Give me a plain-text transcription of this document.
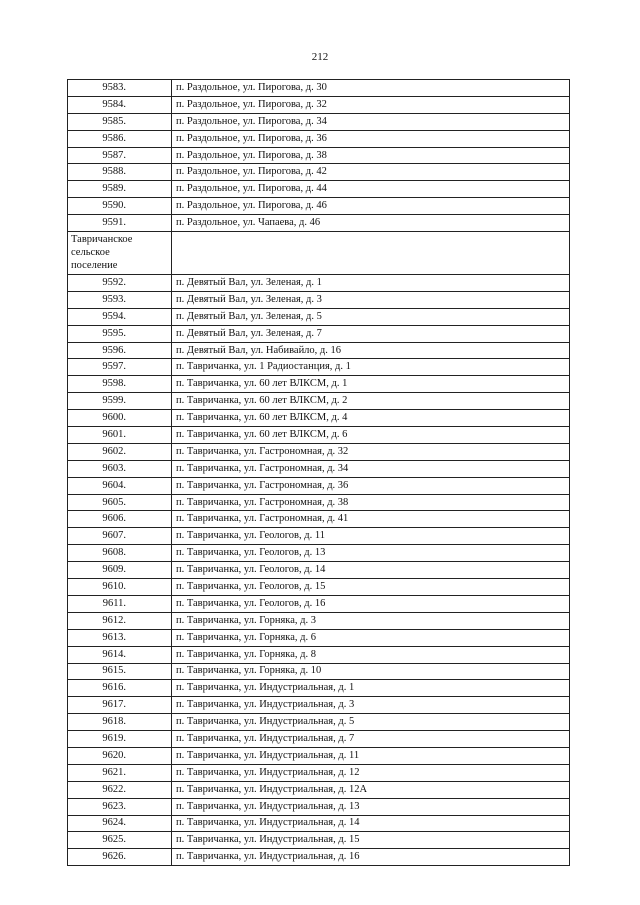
212
9583.	п. Раздольное, ул. Пирогова, д. 30
9584.	п. Раздольное, ул. Пирогова, д. 32
9585.	п. Раздольное, ул. Пирогова, д. 34
9586.	п. Раздольное, ул. Пирогова, д. 36
9587.	п. Раздольное, ул. Пирогова, д. 38
9588.	п. Раздольное, ул. Пирогова, д. 42
9589.	п. Раздольное, ул. Пирогова, д. 44
9590.	п. Раздольное, ул. Пирогова, д. 46
9591.	п. Раздольное, ул. Чапаева, д. 46

Тавричанское
сельское
поселение	

9592.	п. Девятый Вал, ул. Зеленая, д. 1
9593.	п. Девятый Вал, ул. Зеленая, д. 3
9594.	п. Девятый Вал, ул. Зеленая, д. 5
9595.	п. Девятый Вал, ул. Зеленая, д. 7
9596.	п. Девятый Вал, ул. Набивайло, д. 16
9597.	п. Тавричанка, ул. 1 Радиостанция, д. 1
9598.	п. Тавричанка, ул. 60 лет ВЛКСМ, д. 1
9599.	п. Тавричанка, ул. 60 лет ВЛКСМ, д. 2
9600.	п. Тавричанка, ул. 60 лет ВЛКСМ, д. 4
9601.	п. Тавричанка, ул. 60 лет ВЛКСМ, д. 6
9602.	п. Тавричанка, ул. Гастрономная, д. 32
9603.	п. Тавричанка, ул. Гастрономная, д. 34
9604.	п. Тавричанка, ул. Гастрономная, д. 36
9605.	п. Тавричанка, ул. Гастрономная, д. 38
9606.	п. Тавричанка, ул. Гастрономная, д. 41
9607.	п. Тавричанка, ул. Геологов, д. 11
9608.	п. Тавричанка, ул. Геологов, д. 13
9609.	п. Тавричанка, ул. Геологов, д. 14
9610.	п. Тавричанка, ул. Геологов, д. 15
9611.	п. Тавричанка, ул. Геологов, д. 16
9612.	п. Тавричанка, ул. Горняка, д. 3
9613.	п. Тавричанка, ул. Горняка, д. 6
9614.	п. Тавричанка, ул. Горняка, д. 8
9615.	п. Тавричанка, ул. Горняка, д. 10
9616.	п. Тавричанка, ул. Индустриальная, д. 1
9617.	п. Тавричанка, ул. Индустриальная, д. 3
9618.	п. Тавричанка, ул. Индустриальная, д. 5
9619.	п. Тавричанка, ул. Индустриальная, д. 7
9620.	п. Тавричанка, ул. Индустриальная, д. 11
9621.	п. Тавричанка, ул. Индустриальная, д. 12
9622.	п. Тавричанка, ул. Индустриальная, д. 12А
9623.	п. Тавричанка, ул. Индустриальная, д. 13
9624.	п. Тавричанка, ул. Индустриальная, д. 14
9625.	п. Тавричанка, ул. Индустриальная, д. 15
9626.	п. Тавричанка, ул. Индустриальная, д. 16
